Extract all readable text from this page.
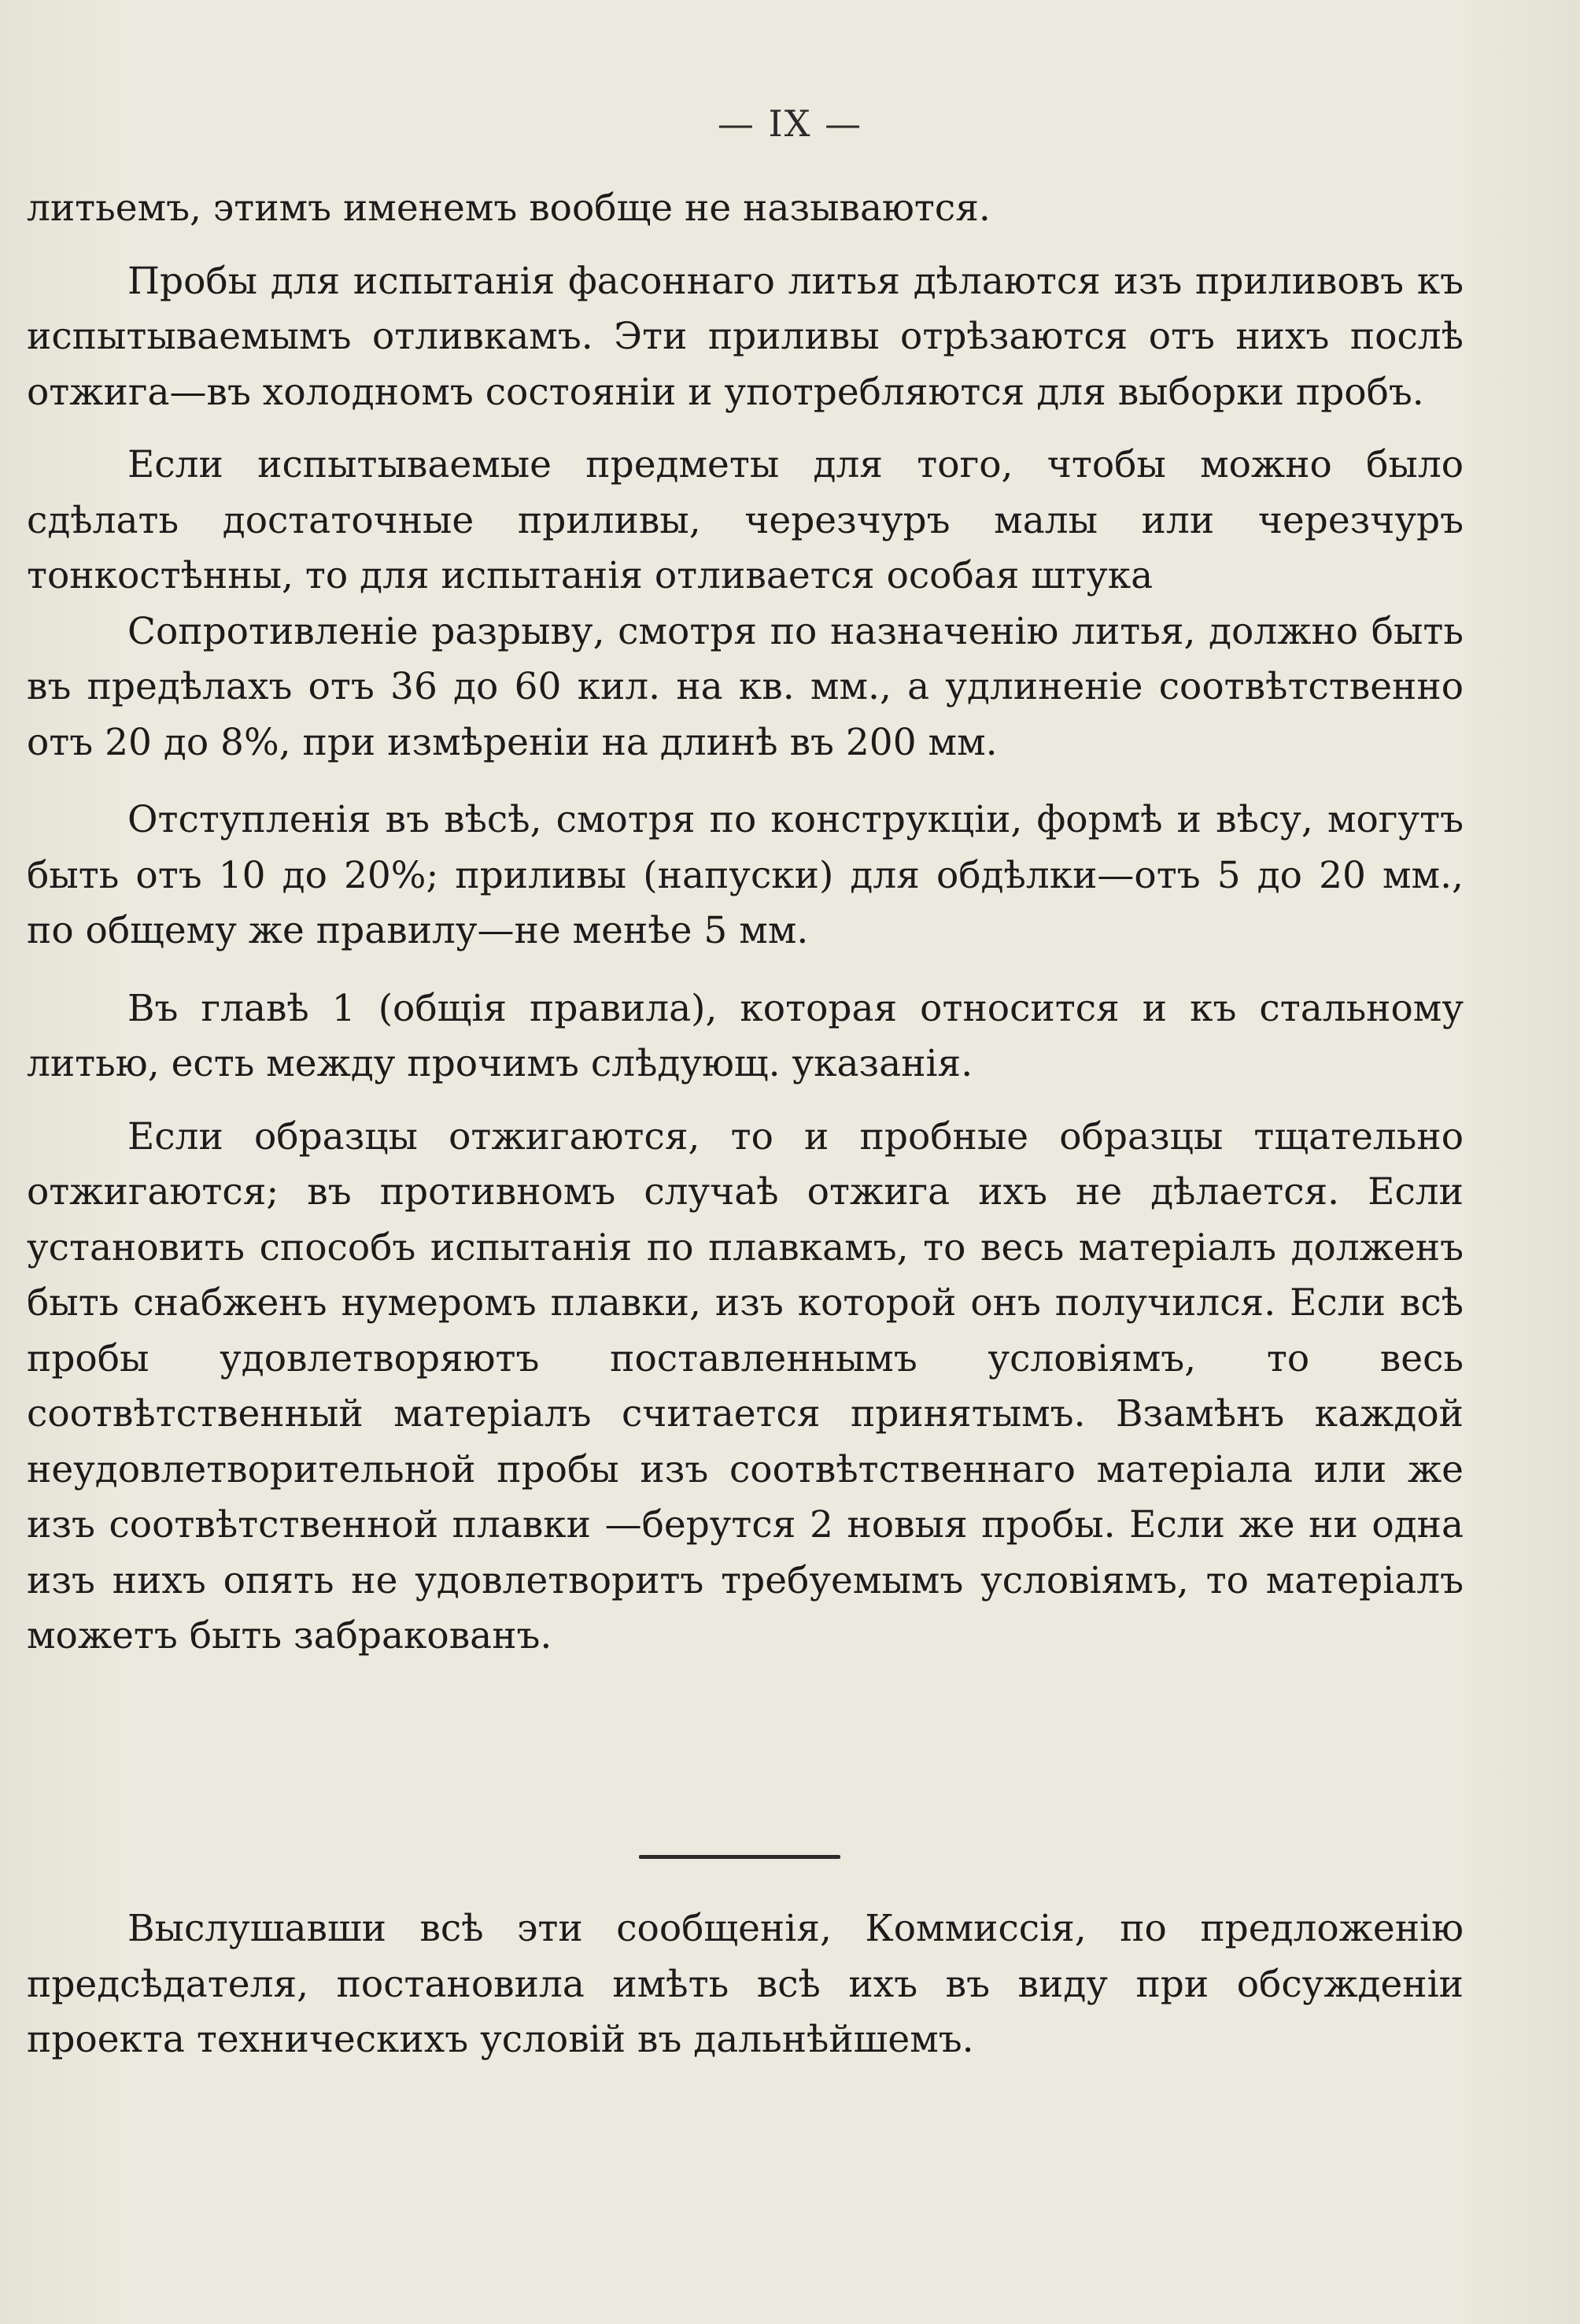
— IX —

литьемъ, этимъ именемъ вообще не называются.

Пробы для испытанія фасоннаго литья дѣлаются изъ приливовъ къ испытываемымъ отливкамъ. Эти приливы отрѣзаются отъ нихъ послѣ отжига—въ холодномъ состояніи и употребляются для выборки пробъ.

Если испытываемые предметы для того, чтобы можно было сдѣлать достаточные приливы, черезчуръ малы или черезчуръ тонкостѣнны, то для испытанія отливается особая штука

Сопротивленіе разрыву, смотря по назначенію литья, должно быть въ предѣлахъ отъ 36 до 60 кил. на кв. мм., а удлиненіе соотвѣтственно отъ 20 до 8%, при измѣреніи на длинѣ въ 200 мм.

Отступленія въ вѣсѣ, смотря по конструкціи, формѣ и вѣсу, могутъ быть отъ 10 до 20%; приливы (напуски) для обдѣлки—отъ 5 до 20 мм., по общему же правилу—не менѣе 5 мм.

Въ главѣ 1 (общія правила), которая относится и къ стальному литью, есть между прочимъ слѣдующ. указанія.

Если образцы отжигаются, то и пробные образцы тщательно отжигаются; въ противномъ случаѣ отжига ихъ не дѣлается. Если установить способъ испытанія по плавкамъ, то весь матеріалъ долженъ быть снабженъ нумеромъ плавки, изъ которой онъ получился. Если всѣ пробы удовлетворяютъ поставленнымъ условіямъ, то весь соотвѣтственный матеріалъ считается принятымъ. Взамѣнъ каждой неудовлетворительной пробы изъ соотвѣтственнаго матеріала или же изъ соотвѣтственной плавки —берутся 2 новыя пробы. Если же ни одна изъ нихъ опять не удовлетворитъ требуемымъ условіямъ, то матеріалъ можетъ быть забракованъ.

Выслушавши всѣ эти сообщенія, Коммиссія, по предложенію предсѣдателя, постановила имѣть всѣ ихъ въ виду при обсужденіи проекта техническихъ условій въ дальнѣйшемъ.
